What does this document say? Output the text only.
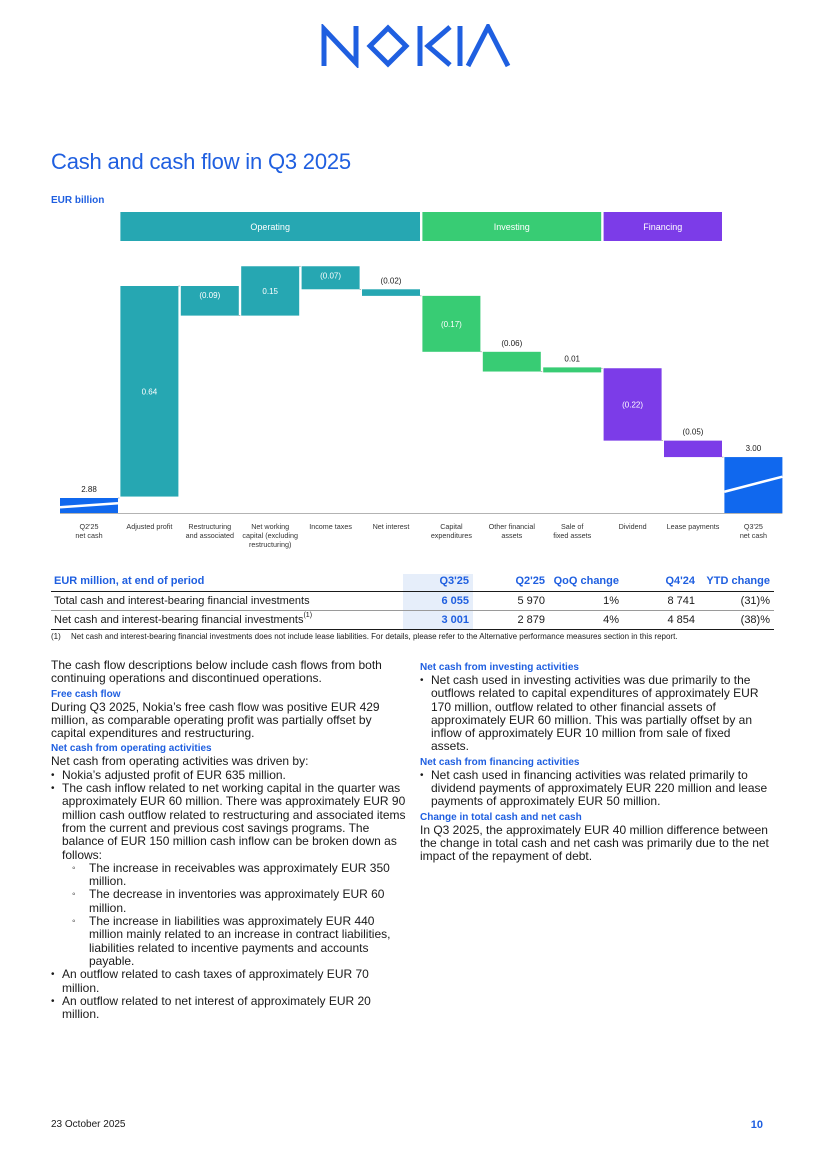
Cash and cash flow in Q3 2025
EUR billion
Operating	Investing	Financing
2.88
Q2'25 net cash
0.64
Adjusted profit
(0.09)
Restructuring and associated
0.15
Net working capital (excluding restructuring)
(0.07)
Income taxes
(0.02)
Net interest
(0.17)
Capital expenditures
(0.06)
Other financial assets
0.01
Sale of fixed assets
(0.22)
Dividend
(0.05)
Lease payments
3.00
Q3'25 net cash
EUR million, at end of period	Q3'25	Q2'25	QoQ change	Q4'24	YTD change
Total cash and interest-bearing financial investments	6 055	5 970	1%	8 741	(31)%
Net cash and interest-bearing financial investments$^{(1)}$	3 001	2 879	4%	4 854	(38)%
(1) Net cash and interest-bearing financial investments does not include lease liabilities. For details, please refer to the Alternative performance measures section in this report.

The cash flow descriptions below include cash flows from both continuing operations and discontinued operations.

Free cash flow

During Q3 2025, Nokia’s free cash flow was positive EUR 429 million, as comparable operating profit was partially offset by capital expenditures and restructuring.

Net cash from operating activities

Net cash from operating activities was driven by:

• Nokia’s adjusted profit of EUR 635 million.
• The cash inflow related to net working capital in the quarter was approximately EUR 60 million. There was approximately EUR 90 million cash outflow related to restructuring and associated items from the current and previous cost savings programs. The balance of EUR 150 million cash inflow can be broken down as follows:
◦ The increase in receivables was approximately EUR 350 million.
◦ The decrease in inventories was approximately EUR 60 million.
◦ The increase in liabilities was approximately EUR 440 million mainly related to an increase in contract liabilities, liabilities related to incentive payments and accounts payable.
• An outflow related to cash taxes of approximately EUR 70 million.
• An outflow related to net interest of approximately EUR 20 million.
Net cash from investing activities
• Net cash used in investing activities was due primarily to the outflows related to capital expenditures of approximately EUR 170 million, outflow related to other financial assets of approximately EUR 60 million. This was partially offset by an inflow of approximately EUR 10 million from sale of fixed assets.
Net cash from financing activities
• Net cash used in financing activities was related primarily to dividend payments of approximately EUR 220 million and lease payments of approximately EUR 50 million.
Change in total cash and net cash

In Q3 2025, the approximately EUR 40 million difference between the change in total cash and net cash was primarily due to the net impact of the repayment of debt.

23 October 2025	10
